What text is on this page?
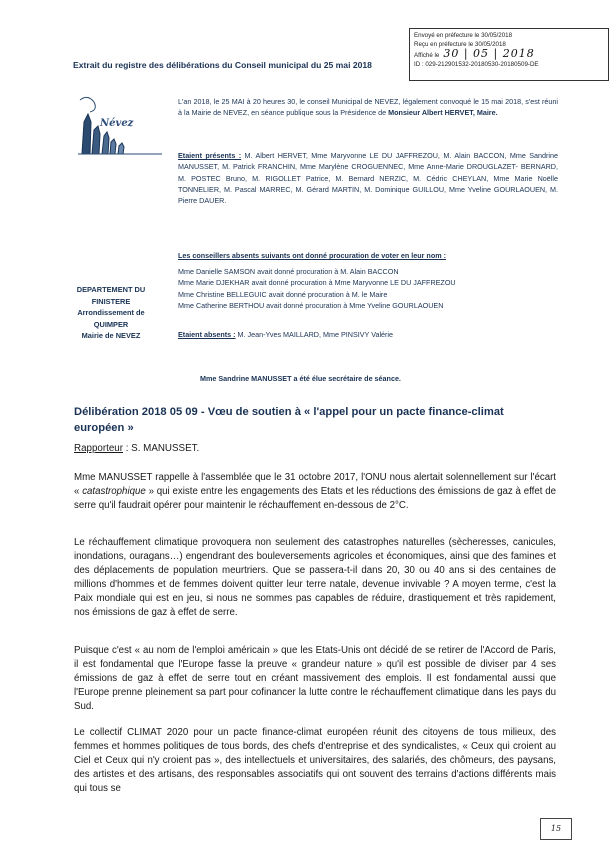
Envoyé en préfecture le 30/05/2018
Reçu en préfecture le 30/05/2018
Affiché le 30 | 05 | 2018
ID : 029-212901532-20180530-20180509-DE
Extrait du registre des délibérations du Conseil municipal du 25 mai 2018
Névez
DEPARTEMENT DU
FINISTERE
Arrondissement de
QUIMPER
Mairie de NEVEZ

L'an 2018, le 25 MAI à 20 heures 30, le conseil Municipal de NEVEZ, légalement convoqué le 15 mai 2018, s'est réuni à la Mairie de NEVEZ, en séance publique sous la Présidence de Monsieur Albert HERVET, Maire.

Etaient présents : M. Albert HERVET, Mme Maryvonne LE DU JAFFREZOU, M. Alain BACCON, Mme Sandrine MANUSSET, M. Patrick FRANCHIN, Mme Marylène CROGUENNEC, Mme Anne-Marie DROUGLAZET- BERNARD, M. POSTEC Bruno, M. RIGOLLET Patrice, M. Bernard NERZIC, M. Cédric CHEYLAN, Mme Marie Noëlle TONNELIER, M. Pascal MARREC, M. Gérard MARTIN, M. Dominique GUILLOU, Mme Yveline GOURLAOUEN, M. Pierre DAUER.

Les conseillers absents suivants ont donné procuration de voter en leur nom :

Mme Danielle SAMSON avait donné procuration à M. Alain BACCON
Mme Marie DJEKHAR avait donné procuration à Mme Maryvonne LE DU JAFFREZOU
Mme Christine BELLEGUIC avait donné procuration à M. le Maire
Mme Catherine BERTHOU avait donné procuration à Mme Yveline GOURLAOUEN

Etaient absents : M. Jean-Yves MAILLARD, Mme PINSIVY Valérie

Mme Sandrine MANUSSET a été élue secrétaire de séance.
Délibération 2018 05 09 - Vœu de soutien à « l'appel pour un pacte finance-climat européen »
Rapporteur : S. MANUSSET.

Mme MANUSSET rappelle à l'assemblée que le 31 octobre 2017, l'ONU nous alertait solennellement sur l'écart « catastrophique » qui existe entre les engagements des Etats et les réductions des émissions de gaz à effet de serre qu'il faudrait opérer pour maintenir le réchauffement en-dessous de 2°C.

Le réchauffement climatique provoquera non seulement des catastrophes naturelles (sècheresses, canicules, inondations, ouragans…) engendrant des bouleversements agricoles et économiques, ainsi que des famines et des déplacements de population meurtriers. Que se passera-t-il dans 20, 30 ou 40 ans si des centaines de millions d'hommes et de femmes doivent quitter leur terre natale, devenue invivable ? A moyen terme, c'est la Paix mondiale qui est en jeu, si nous ne sommes pas capables de réduire, drastiquement et très rapidement, nos émissions de gaz à effet de serre.

Puisque c'est « au nom de l'emploi américain » que les Etats-Unis ont décidé de se retirer de l'Accord de Paris, il est fondamental que l'Europe fasse la preuve « grandeur nature » qu'il est possible de diviser par 4 ses émissions de gaz à effet de serre tout en créant massivement des emplois. Il est fondamental aussi que l'Europe prenne pleinement sa part pour cofinancer la lutte contre le réchauffement climatique dans les pays du Sud.

Le collectif CLIMAT 2020 pour un pacte finance-climat européen réunit des citoyens de tous milieux, des femmes et hommes politiques de tous bords, des chefs d'entreprise et des syndicalistes, « Ceux qui croient au Ciel et Ceux qui n'y croient pas », des intellectuels et universitaires, des salariés, des chômeurs, des paysans, des artistes et des artisans, des responsables associatifs qui ont souvent des terrains d'actions différents mais qui tous se

15
